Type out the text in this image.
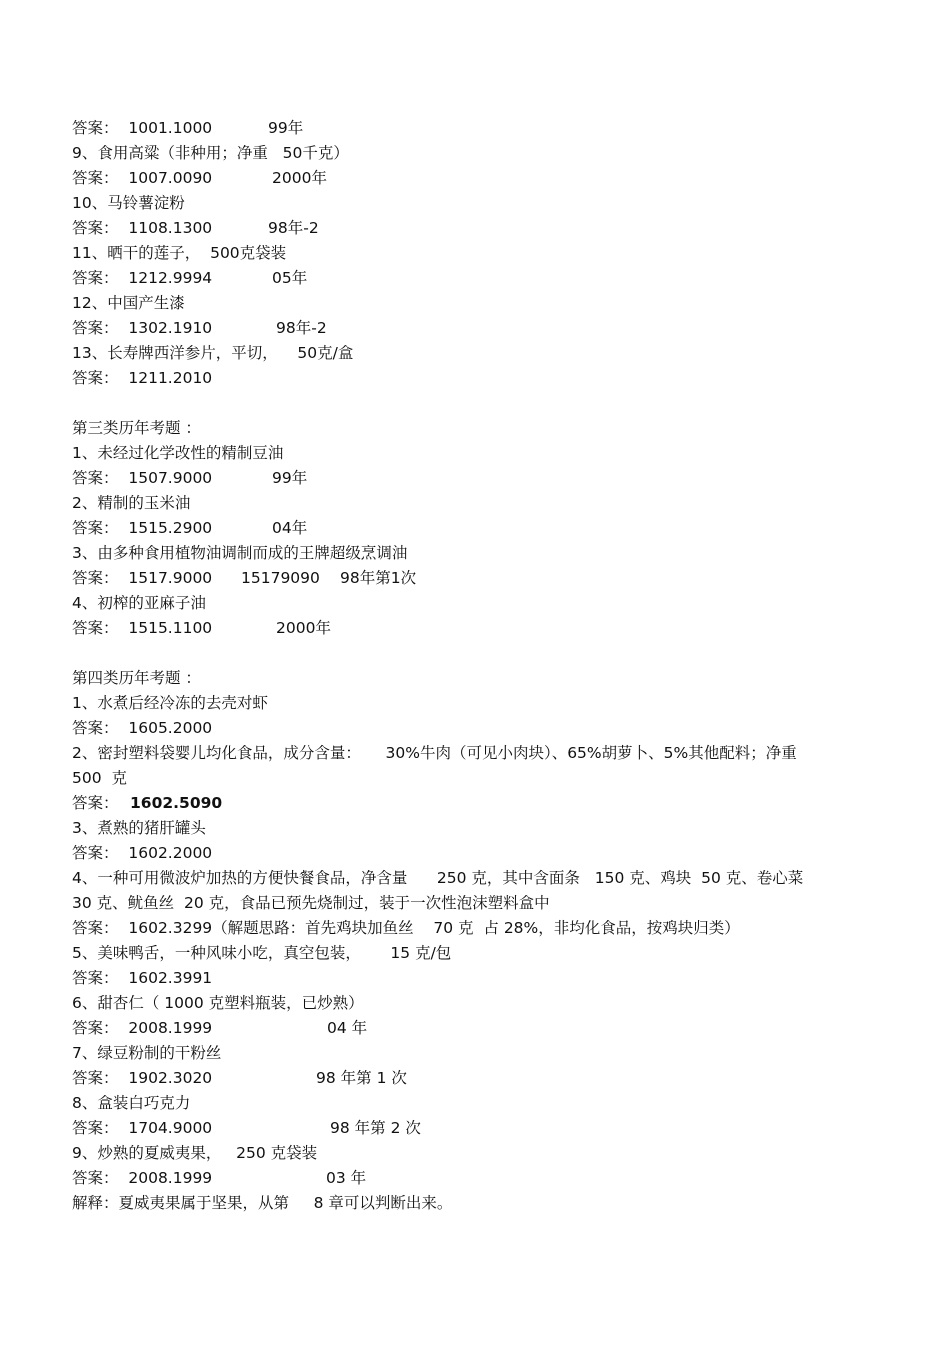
答案：  1001.1000	99年
9、食用高粱（非种用；净重   50千克）
答案：  1007.0090	2000年
10、马铃薯淀粉
答案：  1108.1300	98年-2
11、晒干的莲子，  500克袋装
答案：  1212.9994	05年
12、中国产生漆
答案：  1302.1910	98年-2
13、长寿牌西洋参片，平切，    50克/盒
答案：  1211.2010
第三类历年考题 ：
1、未经过化学改性的精制豆油
答案：  1507.9000	99年
2、精制的玉米油
答案：  1515.2900	04年
3、由多种食用植物油调制而成的王牌超级烹调油
答案：  1517.9000 15179090 98年第1次
4、初榨的亚麻子油
答案：  1515.1100	2000年
第四类历年考题 ：
1、水煮后经冷冻的去壳对虾
答案：  1605.2000
2、密封塑料袋婴儿均化食品，成分含量：     30%牛肉（可见小肉块）、65%胡萝卜、5%其他配料；净重
500  克
答案： 1602.5090
3、煮熟的猪肝罐头
答案：  1602.2000
4、一种可用微波炉加热的方便快餐食品，净含量      250 克，其中含面条   150 克、鸡块  50 克、卷心菜
30 克、鱿鱼丝  20 克，食品已预先烧制过，装于一次性泡沫塑料盒中
答案：  1602.3299（解题思路：首先鸡块加鱼丝    70 克  占 28%，非均化食品，按鸡块归类）
5、美味鸭舌，一种风味小吃，真空包装，      15 克/包
答案：  1602.3991
6、甜杏仁（ 1000 克塑料瓶装，已炒熟）
答案：  2008.1999	04 年
7、绿豆粉制的干粉丝
答案：  1902.3020	98 年第 1 次
8、盒装白巧克力
答案：  1704.9000	98 年第 2 次
9、炒熟的夏威夷果，   250 克袋装
答案：  2008.1999	03 年
解释：夏威夷果属于坚果，从第     8 章可以判断出来。
